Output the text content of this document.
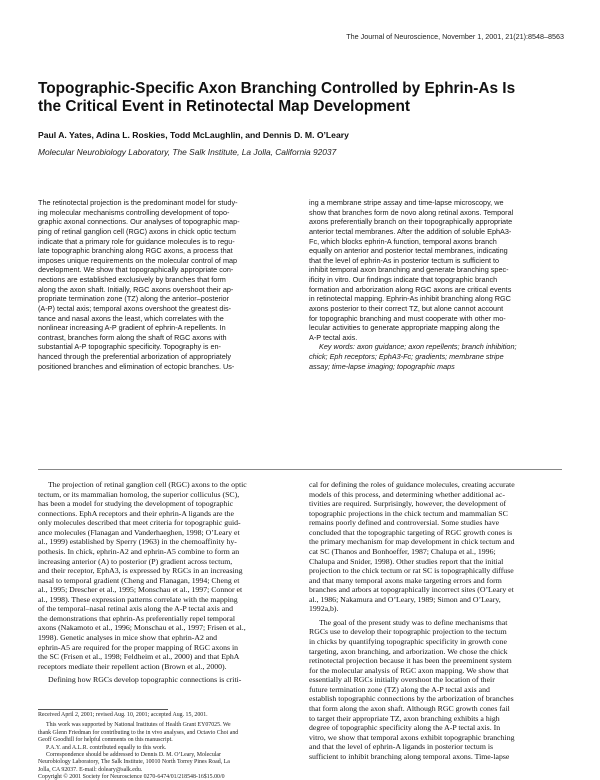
The Journal of Neuroscience, November 1, 2001, 21(21):8548–8563
Topographic-Specific Axon Branching Controlled by Ephrin-As Is
the Critical Event in Retinotectal Map Development
Paul A. Yates, Adina L. Roskies, Todd McLaughlin, and Dennis D. M. O’Leary
Molecular Neurobiology Laboratory, The Salk Institute, La Jolla, California 92037
The retinotectal projection is the predominant model for study-
ing molecular mechanisms controlling development of topo-
graphic axonal connections. Our analyses of topographic map-
ping of retinal ganglion cell (RGC) axons in chick optic tectum
indicate that a primary role for guidance molecules is to regu-
late topographic branching along RGC axons, a process that
imposes unique requirements on the molecular control of map
development. We show that topographically appropriate con-
nections are established exclusively by branches that form
along the axon shaft. Initially, RGC axons overshoot their ap-
propriate termination zone (TZ) along the anterior–posterior
(A-P) tectal axis; temporal axons overshoot the greatest dis-
tance and nasal axons the least, which correlates with the
nonlinear increasing A-P gradient of ephrin-A repellents. In
contrast, branches form along the shaft of RGC axons with
substantial A-P topographic specificity. Topography is en-
hanced through the preferential arborization of appropriately
positioned branches and elimination of ectopic branches. Us-
ing a membrane stripe assay and time-lapse microscopy, we
show that branches form de novo along retinal axons. Temporal
axons preferentially branch on their topographically appropriate
anterior tectal membranes. After the addition of soluble EphA3-
Fc, which blocks ephrin-A function, temporal axons branch
equally on anterior and posterior tectal membranes, indicating
that the level of ephrin-As in posterior tectum is sufficient to
inhibit temporal axon branching and generate branching spec-
ificity in vitro. Our findings indicate that topographic branch
formation and arborization along RGC axons are critical events
in retinotectal mapping. Ephrin-As inhibit branching along RGC
axons posterior to their correct TZ, but alone cannot account
for topographic branching and must cooperate with other mo-
lecular activities to generate appropriate mapping along the
A-P tectal axis.
Key words: axon guidance; axon repellents; branch inhibition;
chick; Eph receptors; EphA3-Fc; gradients; membrane stripe
assay; time-lapse imaging; topographic maps
The projection of retinal ganglion cell (RGC) axons to the optic
tectum, or its mammalian homolog, the superior colliculus (SC),
has been a model for studying the development of topographic
connections. EphA receptors and their ephrin-A ligands are the
only molecules described that meet criteria for topographic guid-
ance molecules (Flanagan and Vanderhaeghen, 1998; O’Leary et
al., 1999) established by Sperry (1963) in the chemoaffinity hy-
pothesis. In chick, ephrin-A2 and ephrin-A5 combine to form an
increasing anterior (A) to posterior (P) gradient across tectum,
and their receptor, EphA3, is expressed by RGCs in an increasing
nasal to temporal gradient (Cheng and Flanagan, 1994; Cheng et
al., 1995; Drescher et al., 1995; Monschau et al., 1997; Connor et
al., 1998). These expression patterns correlate with the mapping
of the temporal–nasal retinal axis along the A-P tectal axis and
the demonstrations that ephrin-As preferentially repel temporal
axons (Nakamoto et al., 1996; Monschau et al., 1997; Frisen et al.,
1998). Genetic analyses in mice show that ephrin-A2 and
ephrin-A5 are required for the proper mapping of RGC axons in
the SC (Frisen et al., 1998; Feldheim et al., 2000) and that EphA
receptors mediate their repellent action (Brown et al., 2000).
Defining how RGCs develop topographic connections is criti-
cal for defining the roles of guidance molecules, creating accurate
models of this process, and determining whether additional ac-
tivities are required. Surprisingly, however, the development of
topographic projections in the chick tectum and mammalian SC
remains poorly defined and controversial. Some studies have
concluded that the topographic targeting of RGC growth cones is
the primary mechanism for map development in chick tectum and
cat SC (Thanos and Bonhoeffer, 1987; Chalupa et al., 1996;
Chalupa and Snider, 1998). Other studies report that the initial
projection to the chick tectum or rat SC is topographically diffuse
and that many temporal axons make targeting errors and form
branches and arbors at topographically incorrect sites (O’Leary et
al., 1986; Nakamura and O’Leary, 1989; Simon and O’Leary,
1992a,b).
The goal of the present study was to define mechanisms that
RGCs use to develop their topographic projection to the tectum
in chicks by quantifying topographic specificity in growth cone
targeting, axon branching, and arborization. We chose the chick
retinotectal projection because it has been the preeminent system
for the molecular analysis of RGC axon mapping. We show that
essentially all RGCs initially overshoot the location of their
future termination zone (TZ) along the A-P tectal axis and
establish topographic connections by the arborization of branches
that form along the axon shaft. Although RGC growth cones fail
to target their appropriate TZ, axon branching exhibits a high
degree of topographic specificity along the A-P tectal axis. In
vitro, we show that temporal axons exhibit topographic branching
and that the level of ephrin-A ligands in posterior tectum is
sufficient to inhibit branching along temporal axons. Time-lapse
Received April 2, 2001; revised Aug. 10, 2001; accepted Aug. 15, 2001.
This work was supported by National Institutes of Health Grant EY07025. We
thank Glenn Friedman for contributing to the in vivo analyses, and Octavio Choi and
Geoff Goodhill for helpful comments on this manuscript.
P.A.Y. and A.L.R. contributed equally to this work.
Correspondence should be addressed to Dennis D. M. O’Leary, Molecular
Neurobiology Laboratory, The Salk Institute, 10010 North Torrey Pines Road, La
Jolla, CA 92037. E-mail: doleary@salk.edu.
Copyright © 2001 Society for Neuroscience 0270-6474/01/218548-16$15.00/0
